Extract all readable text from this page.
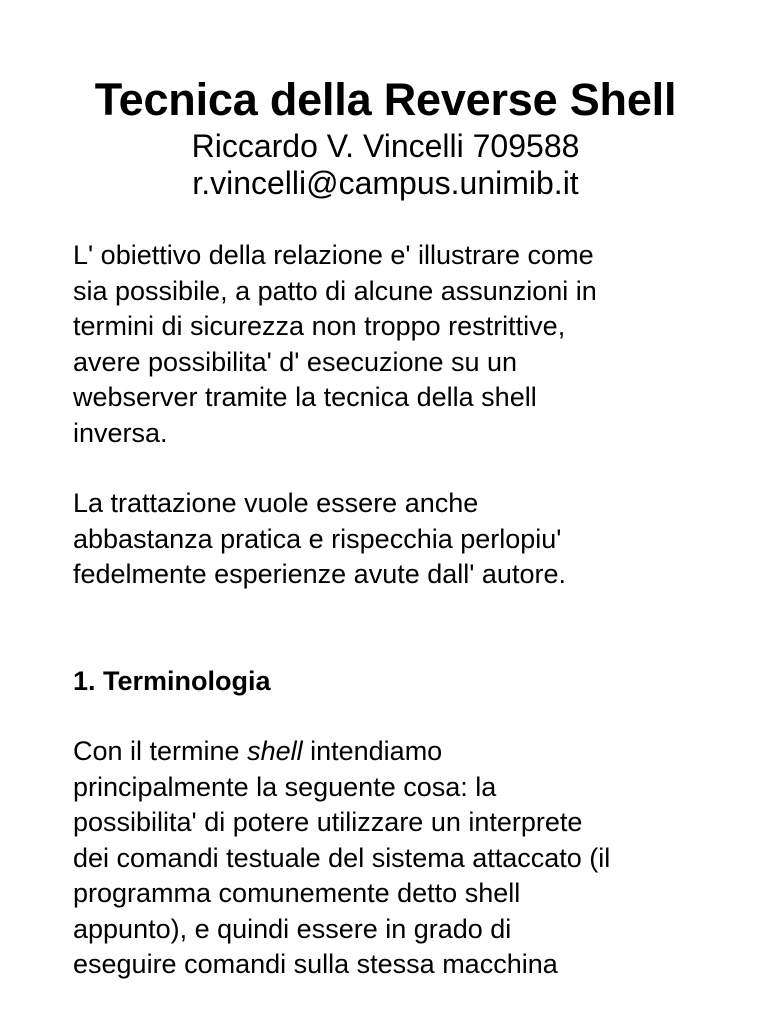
Tecnica della Reverse Shell

Riccardo V. Vincelli 709588

r.vincelli@campus.unimib.it

L' obiettivo della relazione e' illustrare come
sia possibile, a patto di alcune assunzioni in
termini di sicurezza non troppo restrittive,
avere possibilita' d' esecuzione su un
webserver tramite la tecnica della shell
inversa.

La trattazione vuole essere anche
abbastanza pratica e rispecchia perlopiu'
fedelmente esperienze avute dall' autore.

1. Terminologia

Con il termine shell intendiamo
principalmente la seguente cosa: la
possibilita' di potere utilizzare un interprete
dei comandi testuale del sistema attaccato (il
programma comunemente detto shell
appunto), e quindi essere in grado di
eseguire comandi sulla stessa macchina
